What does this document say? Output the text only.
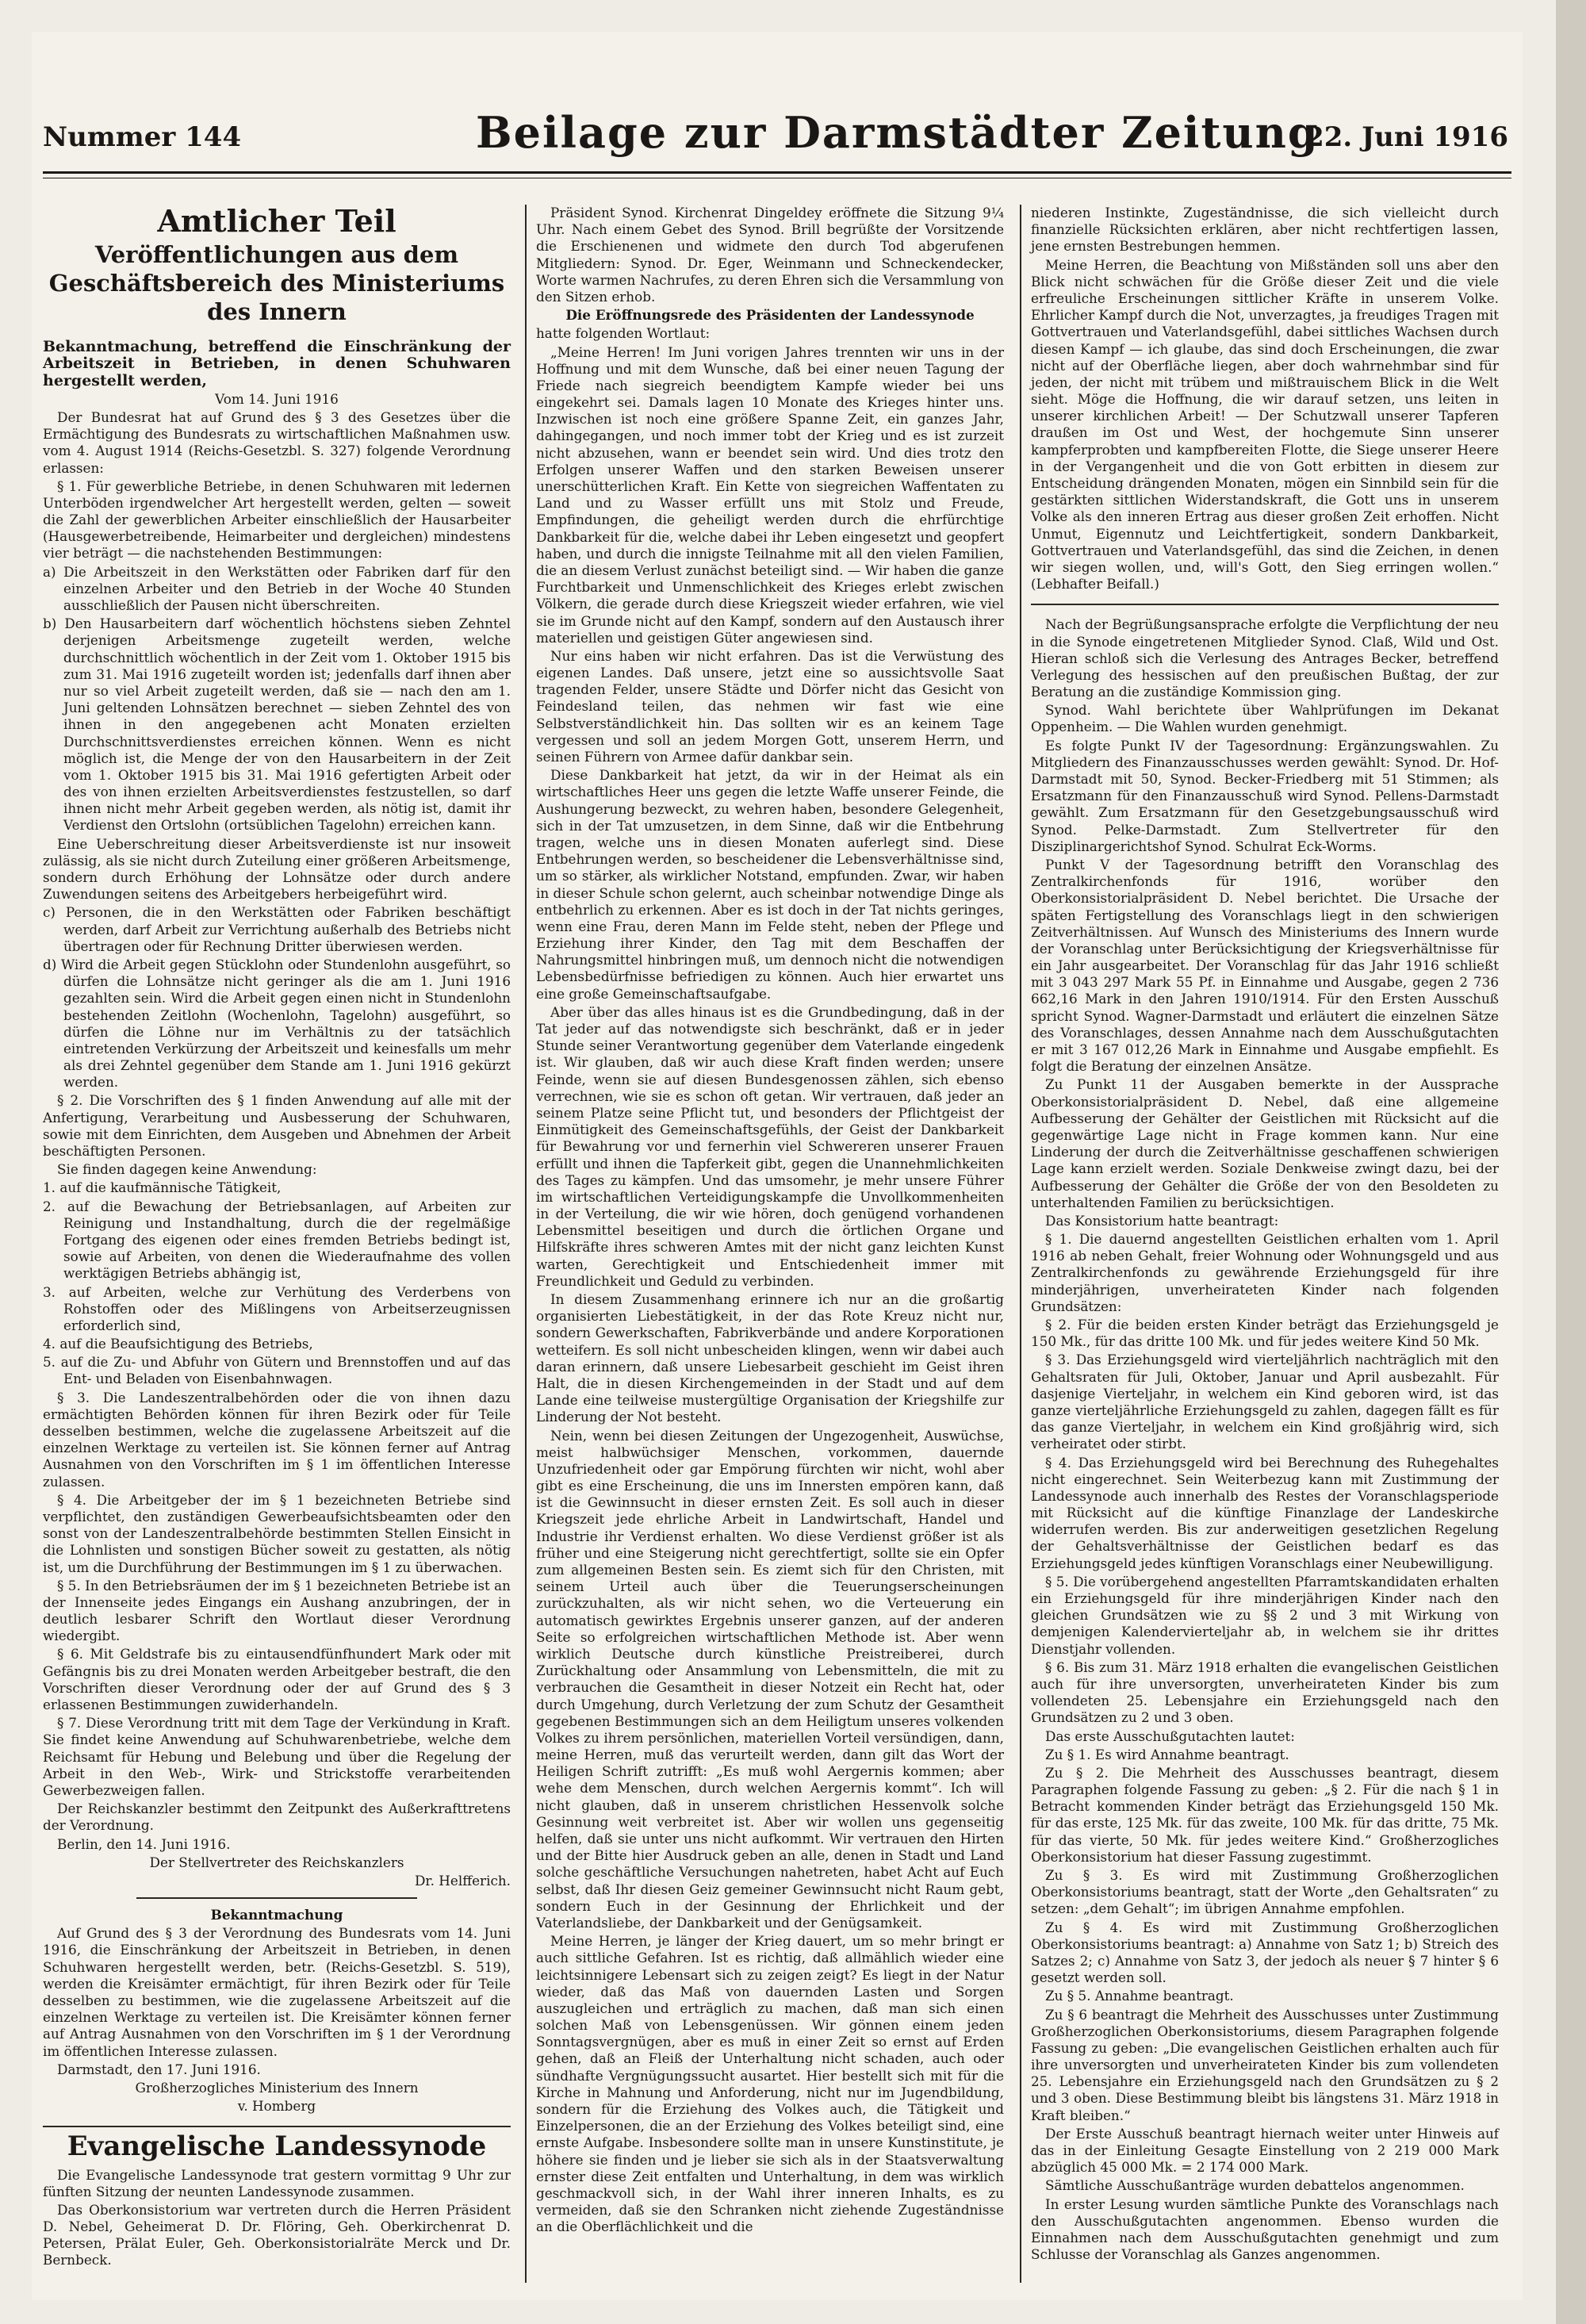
Nummer 144	Beilage zur Darmstädter Zeitung
22. Juni 1916
Amtlicher Teil
Veröffentlichungen aus dem Geschäftsbereich des Ministeriums des Innern

Bekanntmachung, betreffend die Einschränkung der Arbeitszeit in Betrieben, in denen Schuhwaren hergestellt werden,

Vom 14. Juni 1916

Der Bundesrat hat auf Grund des § 3 des Gesetzes über die Ermächtigung des Bundesrats zu wirtschaftlichen Maßnahmen usw. vom 4. August 1914 (Reichs-Gesetzbl. S. 327) folgende Verordnung erlassen:

§ 1. Für gewerbliche Betriebe, in denen Schuhwaren mit ledernen Unterböden irgendwelcher Art hergestellt werden, gelten — soweit die Zahl der gewerblichen Arbeiter einschließlich der Hausarbeiter (Hausgewerbetreibende, Heimarbeiter und dergleichen) mindestens vier beträgt — die nachstehenden Bestimmungen:

a) Die Arbeitszeit in den Werkstätten oder Fabriken darf für den einzelnen Arbeiter und den Betrieb in der Woche 40 Stunden ausschließlich der Pausen nicht überschreiten.

b) Den Hausarbeitern darf wöchentlich höchstens sieben Zehntel derjenigen Arbeitsmenge zugeteilt werden, welche durchschnittlich wöchentlich in der Zeit vom 1. Oktober 1915 bis zum 31. Mai 1916 zugeteilt worden ist; jedenfalls darf ihnen aber nur so viel Arbeit zugeteilt werden, daß sie — nach den am 1. Juni geltenden Lohnsätzen berechnet — sieben Zehntel des von ihnen in den angegebenen acht Monaten erzielten Durchschnittsverdienstes erreichen können. Wenn es nicht möglich ist, die Menge der von den Hausarbeitern in der Zeit vom 1. Oktober 1915 bis 31. Mai 1916 gefertigten Arbeit oder des von ihnen erzielten Arbeitsverdienstes festzustellen, so darf ihnen nicht mehr Arbeit gegeben werden, als nötig ist, damit ihr Verdienst den Ortslohn (ortsüblichen Tagelohn) erreichen kann.

Eine Ueberschreitung dieser Arbeitsverdienste ist nur insoweit zulässig, als sie nicht durch Zuteilung einer größeren Arbeitsmenge, sondern durch Erhöhung der Lohnsätze oder durch andere Zuwendungen seitens des Arbeitgebers herbeigeführt wird.

c) Personen, die in den Werkstätten oder Fabriken beschäftigt werden, darf Arbeit zur Verrichtung außerhalb des Betriebs nicht übertragen oder für Rechnung Dritter überwiesen werden.

d) Wird die Arbeit gegen Stücklohn oder Stundenlohn ausgeführt, so dürfen die Lohnsätze nicht geringer als die am 1. Juni 1916 gezahlten sein. Wird die Arbeit gegen einen nicht in Stundenlohn bestehenden Zeitlohn (Wochenlohn, Tagelohn) ausgeführt, so dürfen die Löhne nur im Verhältnis zu der tatsächlich eintretenden Verkürzung der Arbeitszeit und keinesfalls um mehr als drei Zehntel gegenüber dem Stande am 1. Juni 1916 gekürzt werden.

§ 2. Die Vorschriften des § 1 finden Anwendung auf alle mit der Anfertigung, Verarbeitung und Ausbesserung der Schuhwaren, sowie mit dem Einrichten, dem Ausgeben und Abnehmen der Arbeit beschäftigten Personen.

Sie finden dagegen keine Anwendung:

1. auf die kaufmännische Tätigkeit,

2. auf die Bewachung der Betriebsanlagen, auf Arbeiten zur Reinigung und Instandhaltung, durch die der regelmäßige Fortgang des eigenen oder eines fremden Betriebs bedingt ist, sowie auf Arbeiten, von denen die Wiederaufnahme des vollen werktägigen Betriebs abhängig ist,

3. auf Arbeiten, welche zur Verhütung des Verderbens von Rohstoffen oder des Mißlingens von Arbeitserzeugnissen erforderlich sind,

4. auf die Beaufsichtigung des Betriebs,

5. auf die Zu- und Abfuhr von Gütern und Brennstoffen und auf das Ent- und Beladen von Eisenbahnwagen.

§ 3. Die Landeszentralbehörden oder die von ihnen dazu ermächtigten Behörden können für ihren Bezirk oder für Teile desselben bestimmen, welche die zugelassene Arbeitszeit auf die einzelnen Werktage zu verteilen ist. Sie können ferner auf Antrag Ausnahmen von den Vorschriften im § 1 im öffentlichen Interesse zulassen.

§ 4. Die Arbeitgeber der im § 1 bezeichneten Betriebe sind verpflichtet, den zuständigen Gewerbeaufsichtsbeamten oder den sonst von der Landeszentralbehörde bestimmten Stellen Einsicht in die Lohnlisten und sonstigen Bücher soweit zu gestatten, als nötig ist, um die Durchführung der Bestimmungen im § 1 zu überwachen.

§ 5. In den Betriebsräumen der im § 1 bezeichneten Betriebe ist an der Innenseite jedes Eingangs ein Aushang anzubringen, der in deutlich lesbarer Schrift den Wortlaut dieser Verordnung wiedergibt.

§ 6. Mit Geldstrafe bis zu eintausendfünfhundert Mark oder mit Gefängnis bis zu drei Monaten werden Arbeitgeber bestraft, die den Vorschriften dieser Verordnung oder der auf Grund des § 3 erlassenen Bestimmungen zuwiderhandeln.

§ 7. Diese Verordnung tritt mit dem Tage der Verkündung in Kraft. Sie findet keine Anwendung auf Schuhwarenbetriebe, welche dem Reichsamt für Hebung und Belebung und über die Regelung der Arbeit in den Web-, Wirk- und Strickstoffe verarbeitenden Gewerbezweigen fallen.

Der Reichskanzler bestimmt den Zeitpunkt des Außerkrafttretens der Verordnung.

Berlin, den 14. Juni 1916.

Der Stellvertreter des Reichskanzlers

Dr. Helfferich.

Bekanntmachung

Auf Grund des § 3 der Verordnung des Bundesrats vom 14. Juni 1916, die Einschränkung der Arbeitszeit in Betrieben, in denen Schuhwaren hergestellt werden, betr. (Reichs-Gesetzbl. S. 519), werden die Kreisämter ermächtigt, für ihren Bezirk oder für Teile desselben zu bestimmen, wie die zugelassene Arbeitszeit auf die einzelnen Werktage zu verteilen ist. Die Kreisämter können ferner auf Antrag Ausnahmen von den Vorschriften im § 1 der Verordnung im öffentlichen Interesse zulassen.

Darmstadt, den 17. Juni 1916.

Großherzogliches Ministerium des Innern

v. Homberg

Evangelische Landessynode

Die Evangelische Landessynode trat gestern vormittag 9 Uhr zur fünften Sitzung der neunten Landessynode zusammen.

Das Oberkonsistorium war vertreten durch die Herren Präsident D. Nebel, Geheimerat D. Dr. Flöring, Geh. Oberkirchenrat D. Petersen, Prälat Euler, Geh. Oberkonsistorialräte Merck und Dr. Bernbeck.

Präsident Synod. Kirchenrat Dingeldey eröffnete die Sitzung 9¼ Uhr. Nach einem Gebet des Synod. Brill begrüßte der Vorsitzende die Erschienenen und widmete den durch Tod abgerufenen Mitgliedern: Synod. Dr. Eger, Weinmann und Schneckendecker, Worte warmen Nachrufes, zu deren Ehren sich die Versammlung von den Sitzen erhob.

Die Eröffnungsrede des Präsidenten der Landessynode

hatte folgenden Wortlaut:

„Meine Herren! Im Juni vorigen Jahres trennten wir uns in der Hoffnung und mit dem Wunsche, daß bei einer neuen Tagung der Friede nach siegreich beendigtem Kampfe wieder bei uns eingekehrt sei. Damals lagen 10 Monate des Krieges hinter uns. Inzwischen ist noch eine größere Spanne Zeit, ein ganzes Jahr, dahingegangen, und noch immer tobt der Krieg und es ist zurzeit nicht abzusehen, wann er beendet sein wird. Und dies trotz den Erfolgen unserer Waffen und den starken Beweisen unserer unerschütterlichen Kraft. Ein Kette von siegreichen Waffentaten zu Land und zu Wasser erfüllt uns mit Stolz und Freude, Empfindungen, die geheiligt werden durch die ehrfürchtige Dankbarkeit für die, welche dabei ihr Leben eingesetzt und geopfert haben, und durch die innigste Teilnahme mit all den vielen Familien, die an diesem Verlust zunächst beteiligt sind. — Wir haben die ganze Furchtbarkeit und Unmenschlichkeit des Krieges erlebt zwischen Völkern, die gerade durch diese Kriegszeit wieder erfahren, wie viel sie im Grunde nicht auf den Kampf, sondern auf den Austausch ihrer materiellen und geistigen Güter angewiesen sind.

Nur eins haben wir nicht erfahren. Das ist die Verwüstung des eigenen Landes. Daß unsere, jetzt eine so aussichtsvolle Saat tragenden Felder, unsere Städte und Dörfer nicht das Gesicht von Feindesland teilen, das nehmen wir fast wie eine Selbstverständlichkeit hin. Das sollten wir es an keinem Tage vergessen und soll an jedem Morgen Gott, unserem Herrn, und seinen Führern von Armee dafür dankbar sein.

Diese Dankbarkeit hat jetzt, da wir in der Heimat als ein wirtschaftliches Heer uns gegen die letzte Waffe unserer Feinde, die Aushungerung bezweckt, zu wehren haben, besondere Gelegenheit, sich in der Tat umzusetzen, in dem Sinne, daß wir die Entbehrung tragen, welche uns in diesen Monaten auferlegt sind. Diese Entbehrungen werden, so bescheidener die Lebensverhältnisse sind, um so stärker, als wirklicher Notstand, empfunden. Zwar, wir haben in dieser Schule schon gelernt, auch scheinbar notwendige Dinge als entbehrlich zu erkennen. Aber es ist doch in der Tat nichts geringes, wenn eine Frau, deren Mann im Felde steht, neben der Pflege und Erziehung ihrer Kinder, den Tag mit dem Beschaffen der Nahrungsmittel hinbringen muß, um dennoch nicht die notwendigen Lebensbedürfnisse befriedigen zu können. Auch hier erwartet uns eine große Gemeinschaftsaufgabe.

Aber über das alles hinaus ist es die Grundbedingung, daß in der Tat jeder auf das notwendigste sich beschränkt, daß er in jeder Stunde seiner Verantwortung gegenüber dem Vaterlande eingedenk ist. Wir glauben, daß wir auch diese Kraft finden werden; unsere Feinde, wenn sie auf diesen Bundesgenossen zählen, sich ebenso verrechnen, wie sie es schon oft getan. Wir vertrauen, daß jeder an seinem Platze seine Pflicht tut, und besonders der Pflichtgeist der Einmütigkeit des Gemeinschaftsgefühls, der Geist der Dankbarkeit für Bewahrung vor und fernerhin viel Schwereren unserer Frauen erfüllt und ihnen die Tapferkeit gibt, gegen die Unannehmlichkeiten des Tages zu kämpfen. Und das umsomehr, je mehr unsere Führer im wirtschaftlichen Verteidigungskampfe die Unvollkommenheiten in der Verteilung, die wir wie hören, doch genügend vorhandenen Lebensmittel beseitigen und durch die örtlichen Organe und Hilfskräfte ihres schweren Amtes mit der nicht ganz leichten Kunst warten, Gerechtigkeit und Entschiedenheit immer mit Freundlichkeit und Geduld zu verbinden.

In diesem Zusammenhang erinnere ich nur an die großartig organisierten Liebestätigkeit, in der das Rote Kreuz nicht nur, sondern Gewerkschaften, Fabrikverbände und andere Korporationen wetteifern. Es soll nicht unbescheiden klingen, wenn wir dabei auch daran erinnern, daß unsere Liebesarbeit geschieht im Geist ihren Halt, die in diesen Kirchengemeinden in der Stadt und auf dem Lande eine teilweise mustergültige Organisation der Kriegshilfe zur Linderung der Not besteht.

Nein, wenn bei diesen Zeitungen der Ungezogenheit, Auswüchse, meist halbwüchsiger Menschen, vorkommen, dauernde Unzufriedenheit oder gar Empörung fürchten wir nicht, wohl aber gibt es eine Erscheinung, die uns im Innersten empören kann, daß ist die Gewinnsucht in dieser ernsten Zeit. Es soll auch in dieser Kriegszeit jede ehrliche Arbeit in Landwirtschaft, Handel und Industrie ihr Verdienst erhalten. Wo diese Verdienst größer ist als früher und eine Steigerung nicht gerechtfertigt, sollte sie ein Opfer zum allgemeinen Besten sein. Es ziemt sich für den Christen, mit seinem Urteil auch über die Teuerungserscheinungen zurückzuhalten, als wir nicht sehen, wo die Verteuerung ein automatisch gewirktes Ergebnis unserer ganzen, auf der anderen Seite so erfolgreichen wirtschaftlichen Methode ist. Aber wenn wirklich Deutsche durch künstliche Preistreiberei, durch Zurückhaltung oder Ansammlung von Lebensmitteln, die mit zu verbrauchen die Gesamtheit in dieser Notzeit ein Recht hat, oder durch Umgehung, durch Verletzung der zum Schutz der Gesamtheit gegebenen Bestimmungen sich an dem Heiligtum unseres volkenden Volkes zu ihrem persönlichen, materiellen Vorteil versündigen, dann, meine Herren, muß das verurteilt werden, dann gilt das Wort der Heiligen Schrift zutrifft: „Es muß wohl Aergernis kommen; aber wehe dem Menschen, durch welchen Aergernis kommt“. Ich will nicht glauben, daß in unserem christlichen Hessenvolk solche Gesinnung weit verbreitet ist. Aber wir wollen uns gegenseitig helfen, daß sie unter uns nicht aufkommt. Wir vertrauen den Hirten und der Bitte hier Ausdruck geben an alle, denen in Stadt und Land solche geschäftliche Versuchungen nahetreten, habet Acht auf Euch selbst, daß Ihr diesen Geiz gemeiner Gewinnsucht nicht Raum gebt, sondern Euch in der Gesinnung der Ehrlichkeit und der Vaterlandsliebe, der Dankbarkeit und der Genügsamkeit.

Meine Herren, je länger der Krieg dauert, um so mehr bringt er auch sittliche Gefahren. Ist es richtig, daß allmählich wieder eine leichtsinnigere Lebensart sich zu zeigen zeigt? Es liegt in der Natur wieder, daß das Maß von dauernden Lasten und Sorgen auszugleichen und erträglich zu machen, daß man sich einen solchen Maß von Lebensgenüssen. Wir gönnen einem jeden Sonntagsvergnügen, aber es muß in einer Zeit so ernst auf Erden gehen, daß an Fleiß der Unterhaltung nicht schaden, auch oder sündhafte Vergnügungssucht ausartet. Hier bestellt sich mit für die Kirche in Mahnung und Anforderung, nicht nur im Jugendbildung, sondern für die Erziehung des Volkes auch, die Tätigkeit und Einzelpersonen, die an der Erziehung des Volkes beteiligt sind, eine ernste Aufgabe. Insbesondere sollte man in unsere Kunstinstitute, je höhere sie finden und je lieber sie sich als in der Staatsverwaltung ernster diese Zeit entfalten und Unterhaltung, in dem was wirklich geschmackvoll sich, in der Wahl ihrer inneren Inhalts, es zu vermeiden, daß sie den Schranken nicht ziehende Zugeständnisse an die Oberflächlichkeit und die

niederen Instinkte, Zugeständnisse, die sich vielleicht durch finanzielle Rücksichten erklären, aber nicht rechtfertigen lassen, jene ernsten Bestrebungen hemmen.

Meine Herren, die Beachtung von Mißständen soll uns aber den Blick nicht schwächen für die Größe dieser Zeit und die viele erfreuliche Erscheinungen sittlicher Kräfte in unserem Volke. Ehrlicher Kampf durch die Not, unverzagtes, ja freudiges Tragen mit Gottvertrauen und Vaterlandsgefühl, dabei sittliches Wachsen durch diesen Kampf — ich glaube, das sind doch Erscheinungen, die zwar nicht auf der Oberfläche liegen, aber doch wahrnehmbar sind für jeden, der nicht mit trübem und mißtrauischem Blick in die Welt sieht. Möge die Hoffnung, die wir darauf setzen, uns leiten in unserer kirchlichen Arbeit! — Der Schutzwall unserer Tapferen draußen im Ost und West, der hochgemute Sinn unserer kampferprobten und kampfbereiten Flotte, die Siege unserer Heere in der Vergangenheit und die von Gott erbitten in diesem zur Entscheidung drängenden Monaten, mögen ein Sinnbild sein für die gestärkten sittlichen Widerstandskraft, die Gott uns in unserem Volke als den inneren Ertrag aus dieser großen Zeit erhoffen. Nicht Unmut, Eigennutz und Leichtfertigkeit, sondern Dankbarkeit, Gottvertrauen und Vaterlandsgefühl, das sind die Zeichen, in denen wir siegen wollen, und, will's Gott, den Sieg erringen wollen.“ (Lebhafter Beifall.)

Nach der Begrüßungsansprache erfolgte die Verpflichtung der neu in die Synode eingetretenen Mitglieder Synod. Claß, Wild und Ost. Hieran schloß sich die Verlesung des Antrages Becker, betreffend Verlegung des hessischen auf den preußischen Bußtag, der zur Beratung an die zuständige Kommission ging.

Synod. Wahl berichtete über Wahlprüfungen im Dekanat Oppenheim. — Die Wahlen wurden genehmigt.

Es folgte Punkt IV der Tagesordnung: Ergänzungswahlen. Zu Mitgliedern des Finanzausschusses werden gewählt: Synod. Dr. Hof-Darmstadt mit 50, Synod. Becker-Friedberg mit 51 Stimmen; als Ersatzmann für den Finanzausschuß wird Synod. Pellens-Darmstadt gewählt. Zum Ersatzmann für den Gesetzgebungsausschuß wird Synod. Pelke-Darmstadt. Zum Stellvertreter für den Disziplinargerichtshof Synod. Schulrat Eck-Worms.

Punkt V der Tagesordnung betrifft den Voranschlag des Zentralkirchenfonds für 1916, worüber den Oberkonsistorialpräsident D. Nebel berichtet. Die Ursache der späten Fertigstellung des Voranschlags liegt in den schwierigen Zeitverhältnissen. Auf Wunsch des Ministeriums des Innern wurde der Voranschlag unter Berücksichtigung der Kriegsverhältnisse für ein Jahr ausgearbeitet. Der Voranschlag für das Jahr 1916 schließt mit 3 043 297 Mark 55 Pf. in Einnahme und Ausgabe, gegen 2 736 662,16 Mark in den Jahren 1910/1914. Für den Ersten Ausschuß spricht Synod. Wagner-Darmstadt und erläutert die einzelnen Sätze des Voranschlages, dessen Annahme nach dem Ausschußgutachten er mit 3 167 012,26 Mark in Einnahme und Ausgabe empfiehlt. Es folgt die Beratung der einzelnen Ansätze.

Zu Punkt 11 der Ausgaben bemerkte in der Aussprache Oberkonsistorialpräsident D. Nebel, daß eine allgemeine Aufbesserung der Gehälter der Geistlichen mit Rücksicht auf die gegenwärtige Lage nicht in Frage kommen kann. Nur eine Linderung der durch die Zeitverhältnisse geschaffenen schwierigen Lage kann erzielt werden. Soziale Denkweise zwingt dazu, bei der Aufbesserung der Gehälter die Größe der von den Besoldeten zu unterhaltenden Familien zu berücksichtigen.

Das Konsistorium hatte beantragt:

§ 1. Die dauernd angestellten Geistlichen erhalten vom 1. April 1916 ab neben Gehalt, freier Wohnung oder Wohnungsgeld und aus Zentralkirchenfonds zu gewährende Erziehungsgeld für ihre minderjährigen, unverheirateten Kinder nach folgenden Grundsätzen:

§ 2. Für die beiden ersten Kinder beträgt das Erziehungsgeld je 150 Mk., für das dritte 100 Mk. und für jedes weitere Kind 50 Mk.

§ 3. Das Erziehungsgeld wird vierteljährlich nachträglich mit den Gehaltsraten für Juli, Oktober, Januar und April ausbezahlt. Für dasjenige Vierteljahr, in welchem ein Kind geboren wird, ist das ganze vierteljährliche Erziehungsgeld zu zahlen, dagegen fällt es für das ganze Vierteljahr, in welchem ein Kind großjährig wird, sich verheiratet oder stirbt.

§ 4. Das Erziehungsgeld wird bei Berechnung des Ruhegehaltes nicht eingerechnet. Sein Weiterbezug kann mit Zustimmung der Landessynode auch innerhalb des Restes der Voranschlagsperiode mit Rücksicht auf die künftige Finanzlage der Landeskirche widerrufen werden. Bis zur anderweitigen gesetzlichen Regelung der Gehaltsverhältnisse der Geistlichen bedarf es das Erziehungsgeld jedes künftigen Voranschlags einer Neubewilligung.

§ 5. Die vorübergehend angestellten Pfarramtskandidaten erhalten ein Erziehungsgeld für ihre minderjährigen Kinder nach den gleichen Grundsätzen wie zu §§ 2 und 3 mit Wirkung von demjenigen Kalendervierteljahr ab, in welchem sie ihr drittes Dienstjahr vollenden.

§ 6. Bis zum 31. März 1918 erhalten die evangelischen Geistlichen auch für ihre unversorgten, unverheirateten Kinder bis zum vollendeten 25. Lebensjahre ein Erziehungsgeld nach den Grundsätzen zu 2 und 3 oben.

Das erste Ausschußgutachten lautet:

Zu § 1. Es wird Annahme beantragt.

Zu § 2. Die Mehrheit des Ausschusses beantragt, diesem Paragraphen folgende Fassung zu geben: „§ 2. Für die nach § 1 in Betracht kommenden Kinder beträgt das Erziehungsgeld 150 Mk. für das erste, 125 Mk. für das zweite, 100 Mk. für das dritte, 75 Mk. für das vierte, 50 Mk. für jedes weitere Kind.“ Großherzogliches Oberkonsistorium hat dieser Fassung zugestimmt.

Zu § 3. Es wird mit Zustimmung Großherzoglichen Oberkonsistoriums beantragt, statt der Worte „den Gehaltsraten“ zu setzen: „dem Gehalt“; im übrigen Annahme empfohlen.

Zu § 4. Es wird mit Zustimmung Großherzoglichen Oberkonsistoriums beantragt: a) Annahme von Satz 1; b) Streich des Satzes 2; c) Annahme von Satz 3, der jedoch als neuer § 7 hinter § 6 gesetzt werden soll.

Zu § 5. Annahme beantragt.

Zu § 6 beantragt die Mehrheit des Ausschusses unter Zustimmung Großherzoglichen Oberkonsistoriums, diesem Paragraphen folgende Fassung zu geben: „Die evangelischen Geistlichen erhalten auch für ihre unversorgten und unverheirateten Kinder bis zum vollendeten 25. Lebensjahre ein Erziehungsgeld nach den Grundsätzen zu § 2 und 3 oben. Diese Bestimmung bleibt bis längstens 31. März 1918 in Kraft bleiben.“

Der Erste Ausschuß beantragt hiernach weiter unter Hinweis auf das in der Einleitung Gesagte Einstellung von 2 219 000 Mark abzüglich 45 000 Mk. = 2 174 000 Mark.

Sämtliche Ausschußanträge wurden debattelos angenommen.

In erster Lesung wurden sämtliche Punkte des Voranschlags nach den Ausschußgutachten angenommen. Ebenso wurden die Einnahmen nach dem Ausschußgutachten genehmigt und zum Schlusse der Voranschlag als Ganzes angenommen.
